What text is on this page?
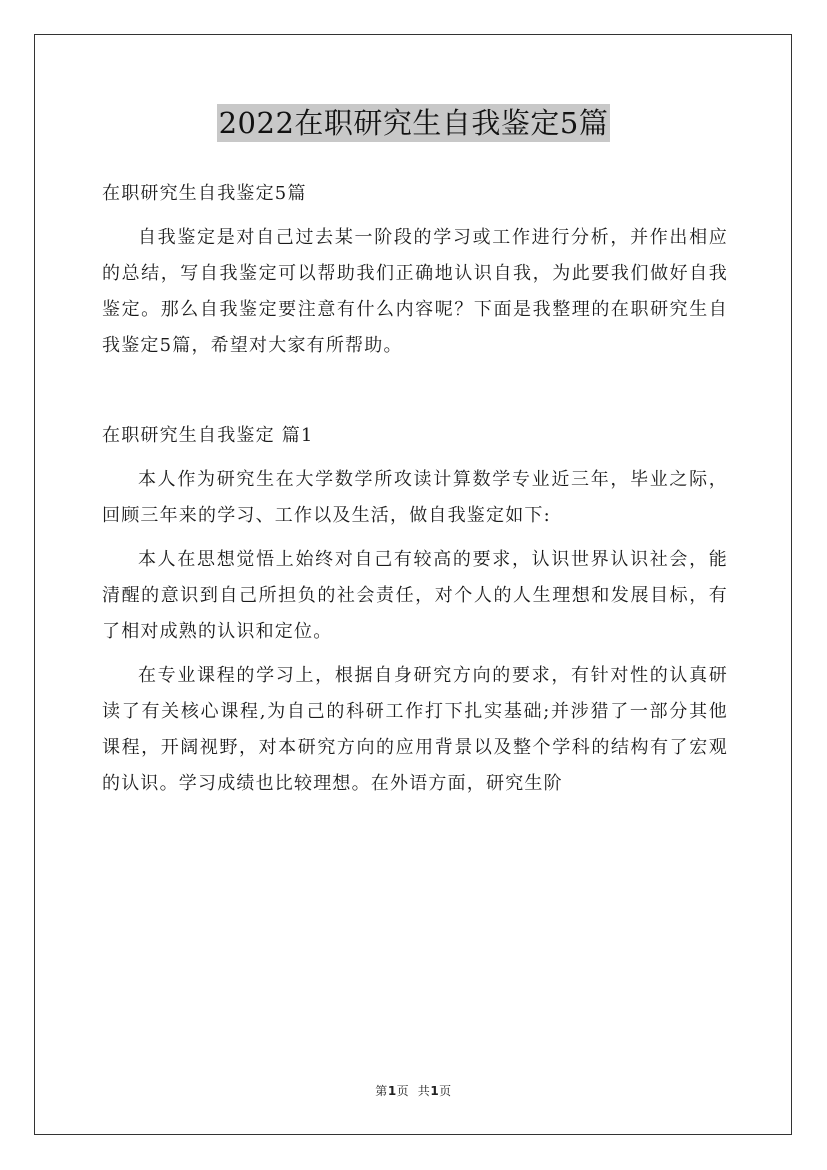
2022在职研究生自我鉴定5篇

在职研究生自我鉴定5篇

自我鉴定是对自己过去某一阶段的学习或工作进行分析，并作出相应的总结，写自我鉴定可以帮助我们正确地认识自我，为此要我们做好自我鉴定。那么自我鉴定要注意有什么内容呢？下面是我整理的在职研究生自我鉴定5篇，希望对大家有所帮助。

在职研究生自我鉴定 篇1

本人作为研究生在大学数学所攻读计算数学专业近三年，毕业之际，回顾三年来的学习、工作以及生活，做自我鉴定如下:

本人在思想觉悟上始终对自己有较高的要求，认识世界认识社会，能清醒的意识到自己所担负的社会责任，对个人的人生理想和发展目标，有了相对成熟的认识和定位。

在专业课程的学习上，根据自身研究方向的要求，有针对性的认真研读了有关核心课程,为自己的科研工作打下扎实基础;并涉猎了一部分其他课程，开阔视野，对本研究方向的应用背景以及整个学科的结构有了宏观的认识。学习成绩也比较理想。在外语方面，研究生阶

第1页  共1页
